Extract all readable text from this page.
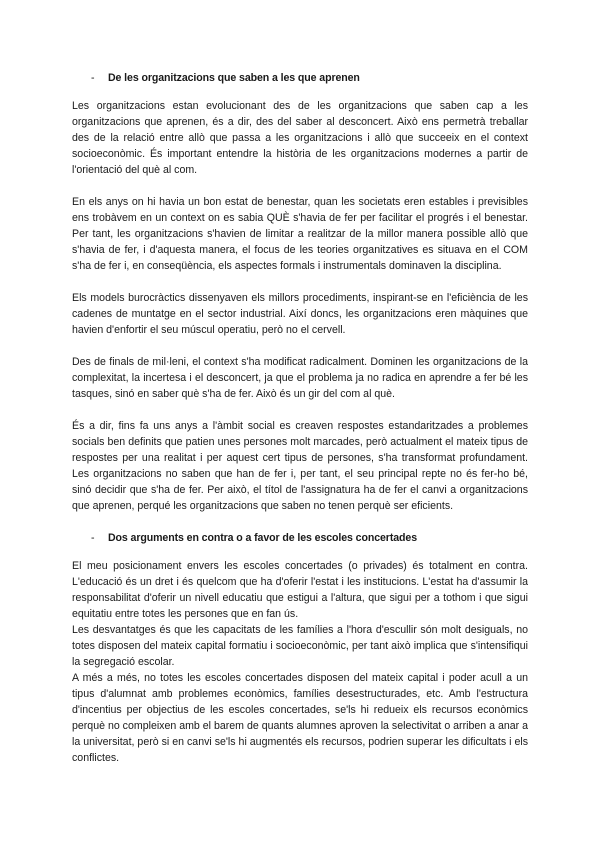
- De les organitzacions que saben a les que aprenen

Les organitzacions estan evolucionant des de les organitzacions que saben cap a les organitzacions que aprenen, és a dir, des del saber al desconcert. Això ens permetrà treballar des de la relació entre allò que passa a les organitzacions i allò que succeeix en el context socioeconòmic. És important entendre la història de les organitzacions modernes a partir de l'orientació del què al com.

En els anys on hi havia un bon estat de benestar, quan les societats eren estables i previsibles ens trobàvem en un context on es sabia QUÈ s'havia de fer per facilitar el progrés i el benestar. Per tant, les organitzacions s'havien de limitar a realitzar de la millor manera possible allò que s'havia de fer, i d'aquesta manera, el focus de les teories organitzatives es situava en el COM s'ha de fer i, en conseqüència, els aspectes formals i instrumentals dominaven la disciplina.

Els models burocràctics dissenyaven els millors procediments, inspirant-se en l'eficiència de les cadenes de muntatge en el sector industrial. Així doncs, les organitzacions eren màquines que havien d'enfortir el seu múscul operatiu, però no el cervell.

Des de finals de mil·leni, el context s'ha modificat radicalment. Dominen les organitzacions de la complexitat, la incertesa i el desconcert, ja que el problema ja no radica en aprendre a fer bé les tasques, sinó en saber què s'ha de fer. Això és un gir del com al què.

És a dir, fins fa uns anys a l'àmbit social es creaven respostes estandaritzades a problemes socials ben definits que patien unes persones molt marcades, però actualment el mateix tipus de respostes per una realitat i per aquest cert tipus de persones, s'ha transformat profundament. Les organitzacions no saben que han de fer i, per tant, el seu principal repte no és fer-ho bé, sinó decidir que s'ha de fer. Per això, el títol de l'assignatura ha de fer el canvi a organitzacions que aprenen, perqué les organitzacions que saben no tenen perquè ser eficients.

- Dos arguments en contra o a favor de les escoles concertades

El meu posicionament envers les escoles concertades (o privades) és totalment en contra. L'educació és un dret i és quelcom que ha d'oferir l'estat i les institucions. L'estat ha d'assumir la responsabilitat d'oferir un nivell educatiu que estigui a l'altura, que sigui per a tothom i que sigui equitatiu entre totes les persones que en fan ús.

Les desvantatges és que les capacitats de les famílies a l'hora d'escullir són molt desiguals, no totes disposen del mateix capital formatiu i socioeconòmic, per tant això implica que s'intensifiqui la segregació escolar.

A més a més, no totes les escoles concertades disposen del mateix capital i poder acull a un tipus d'alumnat amb problemes econòmics, famílies desestructurades, etc. Amb l'estructura d'incentius per objectius de les escoles concertades, se'ls hi redueix els recursos econòmics perquè no compleixen amb el barem de quants alumnes aproven la selectivitat o arriben a anar a la universitat, però si en canvi se'ls hi augmentés els recursos, podrien superar les dificultats i els conflictes.
